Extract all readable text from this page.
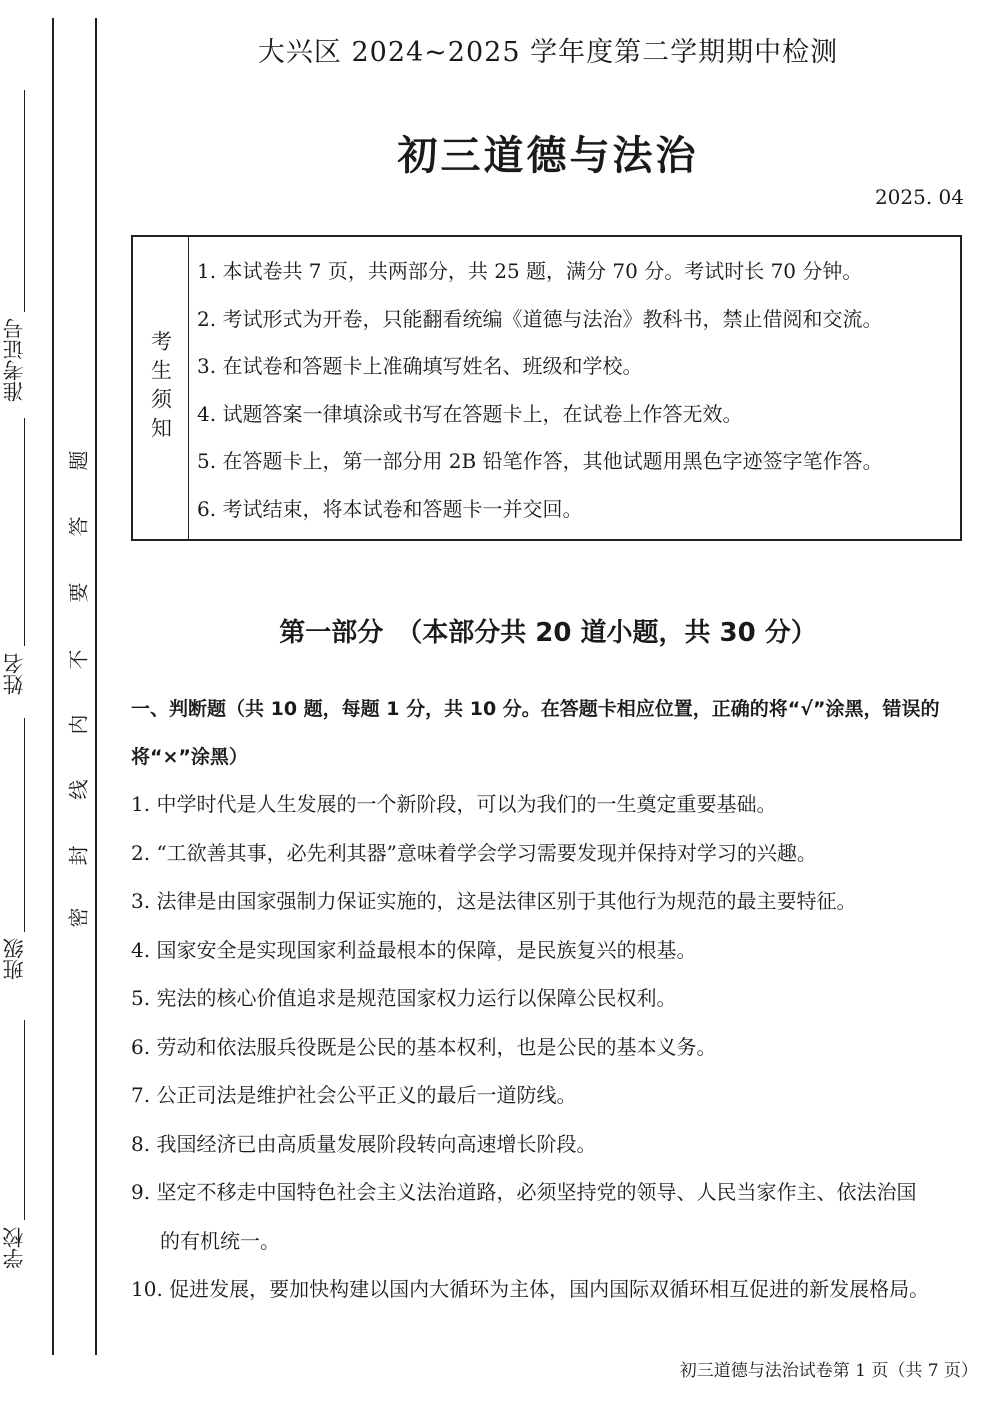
准考证号
姓名
班级
学校
密
封
线
内
不
要
答
题
大兴区 2024~2025 学年度第二学期期中检测
初三道德与法治
2025. 04
考生须知
1. 本试卷共 7 页，共两部分，共 25 题，满分 70 分。考试时长 70 分钟。
2. 考试形式为开卷，只能翻看统编《道德与法治》教科书，禁止借阅和交流。
3. 在试卷和答题卡上准确填写姓名、班级和学校。
4. 试题答案一律填涂或书写在答题卡上，在试卷上作答无效。
5. 在答题卡上，第一部分用 2B 铅笔作答，其他试题用黑色字迹签字笔作答。
6. 考试结束，将本试卷和答题卡一并交回。
第一部分　（本部分共 20 道小题，共 30 分）
一、判断题（共 10 题，每题 1 分，共 10 分。在答题卡相应位置，正确的将“√”涂黑，错误的将“×”涂黑）
1. 中学时代是人生发展的一个新阶段，可以为我们的一生奠定重要基础。
2. “工欲善其事，必先利其器”意味着学会学习需要发现并保持对学习的兴趣。
3. 法律是由国家强制力保证实施的，这是法律区别于其他行为规范的最主要特征。
4. 国家安全是实现国家利益最根本的保障，是民族复兴的根基。
5. 宪法的核心价值追求是规范国家权力运行以保障公民权利。
6. 劳动和依法服兵役既是公民的基本权利，也是公民的基本义务。
7. 公正司法是维护社会公平正义的最后一道防线。
8. 我国经济已由高质量发展阶段转向高速增长阶段。
9. 坚定不移走中国特色社会主义法治道路，必须坚持党的领导、人民当家作主、依法治国
的有机统一。
10. 促进发展，要加快构建以国内大循环为主体，国内国际双循环相互促进的新发展格局。
初三道德与法治试卷第 1 页（共 7 页）
